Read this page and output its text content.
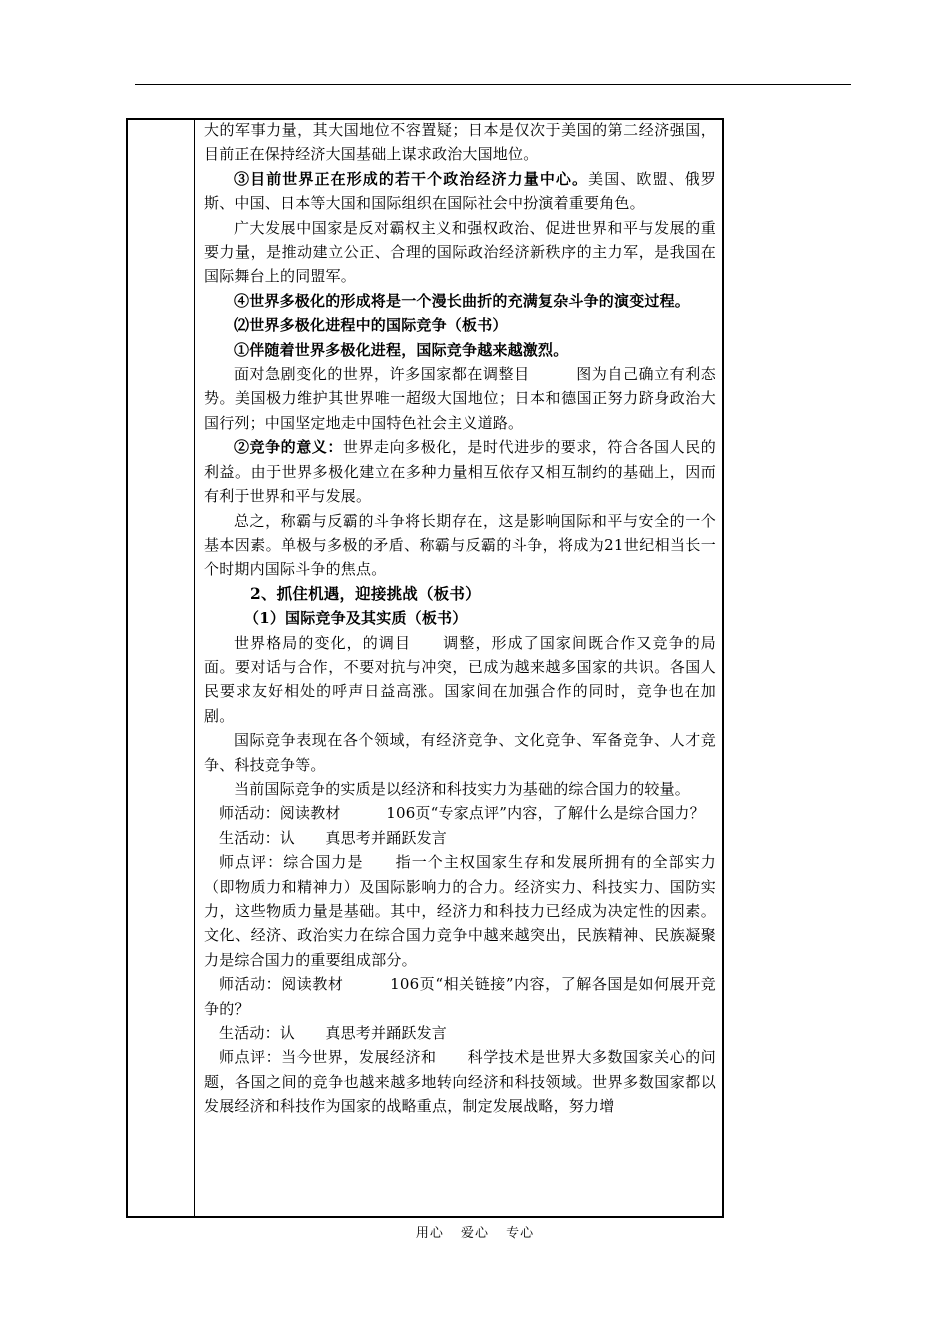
大的军事力量，其大国地位不容置疑；日本是仅次于美国的第二经济强国，目前正在保持经济大国基础上谋求政治大国地位。

③目前世界正在形成的若干个政治经济力量中心。美国、欧盟、俄罗斯、中国、日本等大国和国际组织在国际社会中扮演着重要角色。

广大发展中国家是反对霸权主义和强权政治、促进世界和平与发展的重要力量，是推动建立公正、合理的国际政治经济新秩序的主力军，是我国在国际舞台上的同盟军。

④世界多极化的形成将是一个漫长曲折的充满复杂斗争的演变过程。

⑵世界多极化进程中的国际竞争（板书）

①伴随着世界多极化进程，国际竞争越来越激烈。

面对急剧变化的世界，许多国家都在调整目　　　图为自己确立有利态势。美国极力维护其世界唯一超级大国地位；日本和德国正努力跻身政治大国行列；中国坚定地走中国特色社会主义道路。

②竞争的意义：世界走向多极化，是时代进步的要求，符合各国人民的利益。由于世界多极化建立在多种力量相互依存又相互制约的基础上，因而有利于世界和平与发展。

总之，称霸与反霸的斗争将长期存在，这是影响国际和平与安全的一个基本因素。单极与多极的矛盾、称霸与反霸的斗争，将成为21世纪相当长一个时期内国际斗争的焦点。

2、抓住机遇，迎接挑战（板书）

（1）国际竞争及其实质（板书）

世界格局的变化，的调目　　调整，形成了国家间既合作又竞争的局面。要对话与合作，不要对抗与冲突，已成为越来越多国家的共识。各国人民要求友好相处的呼声日益高涨。国家间在加强合作的同时，竞争也在加剧。

国际竞争表现在各个领域，有经济竞争、文化竞争、军备竞争、人才竞争、科技竞争等。

当前国际竞争的实质是以经济和科技实力为基础的综合国力的较量。

师活动：阅读教材　　　106页“专家点评”内容，了解什么是综合国力？

生活动：认　　真思考并踊跃发言

师点评：综合国力是　　指一个主权国家生存和发展所拥有的全部实力（即物质力和精神力）及国际影响力的合力。经济实力、科技实力、国防实力，这些物质力量是基础。其中，经济力和科技力已经成为决定性的因素。文化、经济、政治实力在综合国力竞争中越来越突出，民族精神、民族凝聚力是综合国力的重要组成部分。

师活动：阅读教材　　　106页“相关链接”内容，了解各国是如何展开竞争的？

生活动：认　　真思考并踊跃发言

师点评：当今世界，发展经济和　　科学技术是世界大多数国家关心的问题，各国之间的竞争也越来越多地转向经济和科技领域。世界多数国家都以发展经济和科技作为国家的战略重点，制定发展战略，努力增

用心 爱心 专心
